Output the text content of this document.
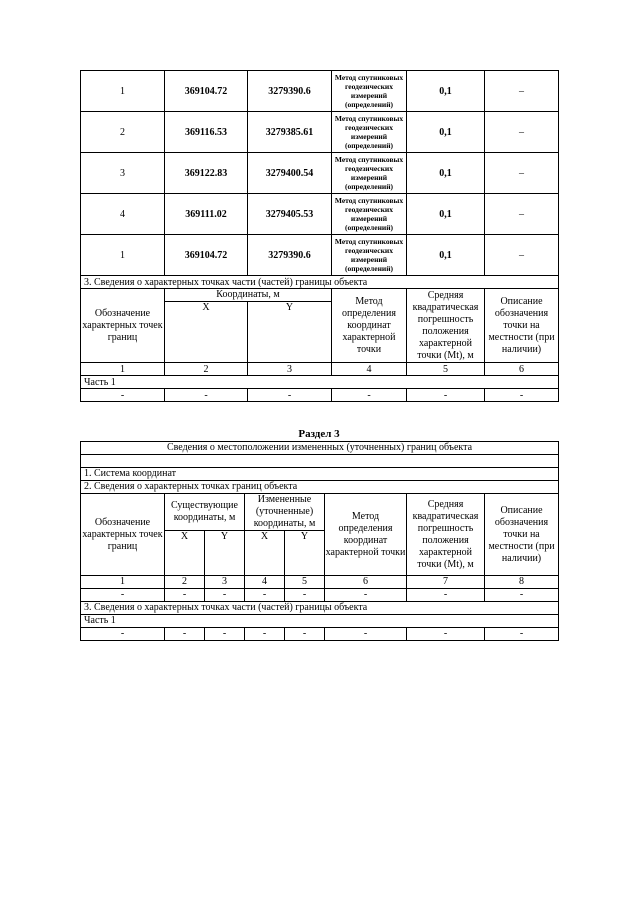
1	369104.72	3279390.6	Метод спутниковых геодезических измерений (определений)	0,1	–
2	369116.53	3279385.61	Метод спутниковых геодезических измерений (определений)	0,1	–
3	369122.83	3279400.54	Метод спутниковых геодезических измерений (определений)	0,1	–
4	369111.02	3279405.53	Метод спутниковых геодезических измерений (определений)	0,1	–
1	369104.72	3279390.6	Метод спутниковых геодезических измерений (определений)	0,1	–
3. Сведения о характерных точках части (частей) границы объекта					
Обозначение характерных точек границ	Координаты, м		Метод определения координат характерной точки	Средняя квадратическая погрешность положения характерной точки (Mt), м	Описание обозначения точки на местности (при наличии)
	X	Y			
1	2	3	4	5	6
Часть 1					
-	-	-	-	-	-
Раздел 3
Сведения о местоположении измененных (уточненных) границ объекта							

1. Система координат							
2. Сведения о характерных точках границ объекта							
Обозначение характерных точек границ	Существующие координаты, м		Измененные (уточненные) координаты, м		Метод определения координат характерной точки	Средняя квадратическая погрешность положения характерной точки (Mt), м	Описание обозначения точки на местности (при наличии)
	X	Y	X	Y			
1	2	3	4	5	6	7	8
-	-	-	-	-	-	-	-
3. Сведения о характерных точках части (частей) границы объекта							
Часть 1							
-	-	-	-	-	-	-	-
